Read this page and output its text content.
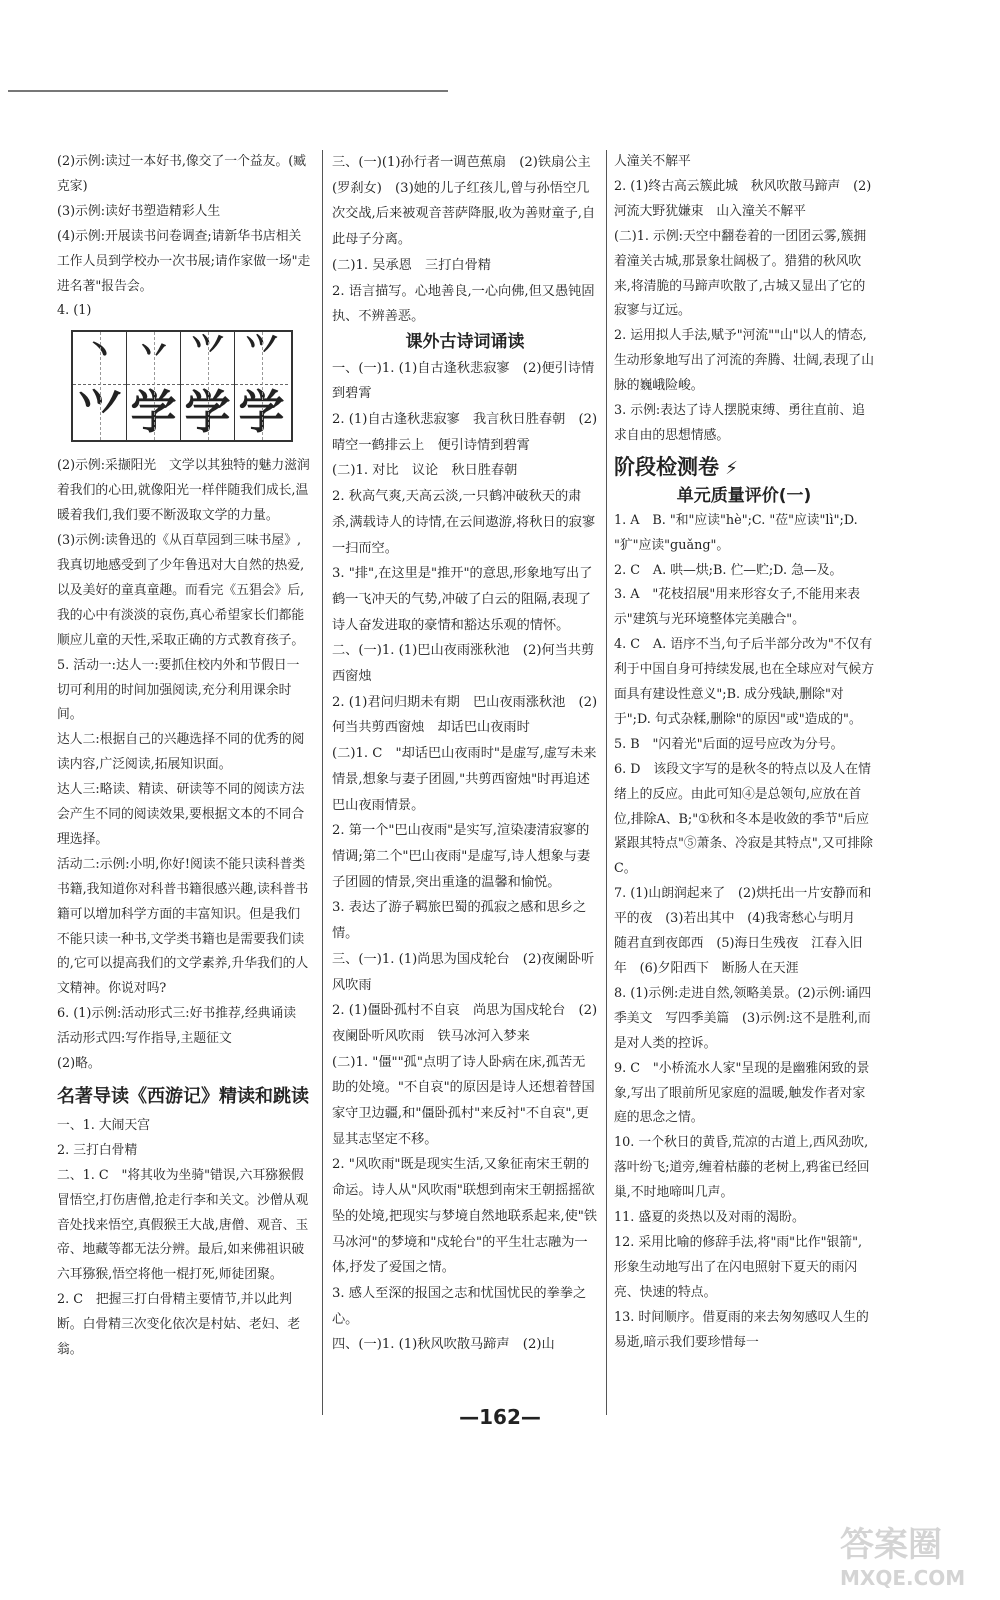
(2)示例:读过一本好书,像交了一个益友。(臧克家)

(3)示例:读好书塑造精彩人生

(4)示例:开展读书问卷调查;请新华书店相关工作人员到学校办一次书展;请作家做一场"走进名著"报告会。

4. (1)

丶
⺍
丷
学
⺍
学
⺍
学

(2)示例:采撷阳光　文学以其独特的魅力滋润着我们的心田,就像阳光一样伴随我们成长,温暖着我们,我们要不断汲取文学的力量。

(3)示例:读鲁迅的《从百草园到三味书屋》,我真切地感受到了少年鲁迅对大自然的热爱,以及美好的童真童趣。而看完《五猖会》后,我的心中有淡淡的哀伤,真心希望家长们都能顺应儿童的天性,采取正确的方式教育孩子。

5. 活动一:达人一:要抓住校内外和节假日一切可利用的时间加强阅读,充分利用课余时间。

达人二:根据自己的兴趣选择不同的优秀的阅读内容,广泛阅读,拓展知识面。

达人三:略读、精读、研读等不同的阅读方法会产生不同的阅读效果,要根据文本的不同合理选择。

活动二:示例:小明,你好!阅读不能只读科普类书籍,我知道你对科普书籍很感兴趣,读科普书籍可以增加科学方面的丰富知识。但是我们不能只读一种书,文学类书籍也是需要我们读的,它可以提高我们的文学素养,升华我们的人文精神。你说对吗?

6. (1)示例:活动形式三:好书推荐,经典诵读　活动形式四:写作指导,主题征文

(2)略。

名著导读《西游记》精读和跳读

一、1. 大闹天宫

2. 三打白骨精

二、1. C　"将其收为坐骑"错误,六耳猕猴假冒悟空,打伤唐僧,抢走行李和关文。沙僧从观音处找来悟空,真假猴王大战,唐僧、观音、玉帝、地藏等都无法分辨。最后,如来佛祖识破六耳猕猴,悟空将他一棍打死,师徒团聚。

2. C　把握三打白骨精主要情节,并以此判断。白骨精三次变化依次是村姑、老妇、老翁。

三、(一)(1)孙行者一调芭蕉扇　(2)铁扇公主(罗刹女)　(3)她的儿子红孩儿,曾与孙悟空几次交战,后来被观音菩萨降服,收为善财童子,自此母子分离。

(二)1. 吴承恩　三打白骨精

2. 语言描写。心地善良,一心向佛,但又愚钝固执、不辨善恶。

课外古诗词诵读

一、(一)1. (1)自古逢秋悲寂寥　(2)便引诗情到碧霄

2. (1)自古逢秋悲寂寥　我言秋日胜春朝　(2)晴空一鹤排云上　便引诗情到碧霄

(二)1. 对比　议论　秋日胜春朝

2. 秋高气爽,天高云淡,一只鹤冲破秋天的肃杀,满载诗人的诗情,在云间遨游,将秋日的寂寥一扫而空。

3. "排",在这里是"推开"的意思,形象地写出了鹤一飞冲天的气势,冲破了白云的阻隔,表现了诗人奋发进取的豪情和豁达乐观的情怀。

二、(一)1. (1)巴山夜雨涨秋池　(2)何当共剪西窗烛

2. (1)君问归期未有期　巴山夜雨涨秋池　(2)何当共剪西窗烛　却话巴山夜雨时

(二)1. C　"却话巴山夜雨时"是虚写,虚写未来情景,想象与妻子团圆,"共剪西窗烛"时再追述巴山夜雨情景。

2. 第一个"巴山夜雨"是实写,渲染凄清寂寥的情调;第二个"巴山夜雨"是虚写,诗人想象与妻子团圆的情景,突出重逢的温馨和愉悦。

3. 表达了游子羁旅巴蜀的孤寂之感和思乡之情。

三、(一)1. (1)尚思为国戍轮台　(2)夜阑卧听风吹雨

2. (1)僵卧孤村不自哀　尚思为国戍轮台　(2)夜阑卧听风吹雨　铁马冰河入梦来

(二)1. "僵""孤"点明了诗人卧病在床,孤苦无助的处境。"不自哀"的原因是诗人还想着替国家守卫边疆,和"僵卧孤村"来反衬"不自哀",更显其志坚定不移。

2. "风吹雨"既是现实生活,又象征南宋王朝的命运。诗人从"风吹雨"联想到南宋王朝摇摇欲坠的处境,把现实与梦境自然地联系起来,使"铁马冰河"的梦境和"戍轮台"的平生壮志融为一体,抒发了爱国之情。

3. 感人至深的报国之志和忧国忧民的拳拳之心。

四、(一)1. (1)秋风吹散马蹄声　(2)山

人潼关不解平

2. (1)终古高云簇此城　秋风吹散马蹄声　(2)河流大野犹嫌束　山入潼关不解平

(二)1. 示例:天空中翻卷着的一团团云雾,簇拥着潼关古城,那景象壮阔极了。猎猎的秋风吹来,将清脆的马蹄声吹散了,古城又显出了它的寂寥与辽远。

2. 运用拟人手法,赋予"河流""山"以人的情态,生动形象地写出了河流的奔腾、壮阔,表现了山脉的巍峨险峻。

3. 示例:表达了诗人摆脱束缚、勇往直前、追求自由的思想情感。

阶段检测卷 ⚡

单元质量评价(一)

1. A　B. "和"应读"hè";C. "莅"应读"lì";D. "犷"应读"guǎng"。

2. C　A. 哄—烘;B. 伫—贮;D. 急—及。

3. A　"花枝招展"用来形容女子,不能用来表示"建筑与光环境整体完美融合"。

4. C　A. 语序不当,句子后半部分改为"不仅有利于中国自身可持续发展,也在全球应对气候方面具有建设性意义";B. 成分残缺,删除"对于";D. 句式杂糅,删除"的原因"或"造成的"。

5. B　"闪着光"后面的逗号应改为分号。

6. D　该段文字写的是秋冬的特点以及人在情绪上的反应。由此可知④是总领句,应放在首位,排除A、B;"①秋和冬本是收敛的季节"后应紧跟其特点"⑤萧条、冷寂是其特点",又可排除C。

7. (1)山朗润起来了　(2)烘托出一片安静而和平的夜　(3)若出其中　(4)我寄愁心与明月　随君直到夜郎西　(5)海日生残夜　江春入旧年　(6)夕阳西下　断肠人在天涯

8. (1)示例:走进自然,领略美景。(2)示例:诵四季美文　写四季美篇　(3)示例:这不是胜利,而是对人类的控诉。

9. C　"小桥流水人家"呈现的是幽雅闲致的景象,写出了眼前所见家庭的温暖,触发作者对家庭的思念之情。

10. 一个秋日的黄昏,荒凉的古道上,西风劲吹,落叶纷飞;道旁,缠着枯藤的老树上,鸦雀已经回巢,不时地啼叫几声。

11. 盛夏的炎热以及对雨的渴盼。

12. 采用比喻的修辞手法,将"雨"比作"银箭",形象生动地写出了在闪电照射下夏天的雨闪亮、快速的特点。

13. 时间顺序。借夏雨的来去匆匆感叹人生的易逝,暗示我们要珍惜每一

—162—
答案圈
MXQE.COM
